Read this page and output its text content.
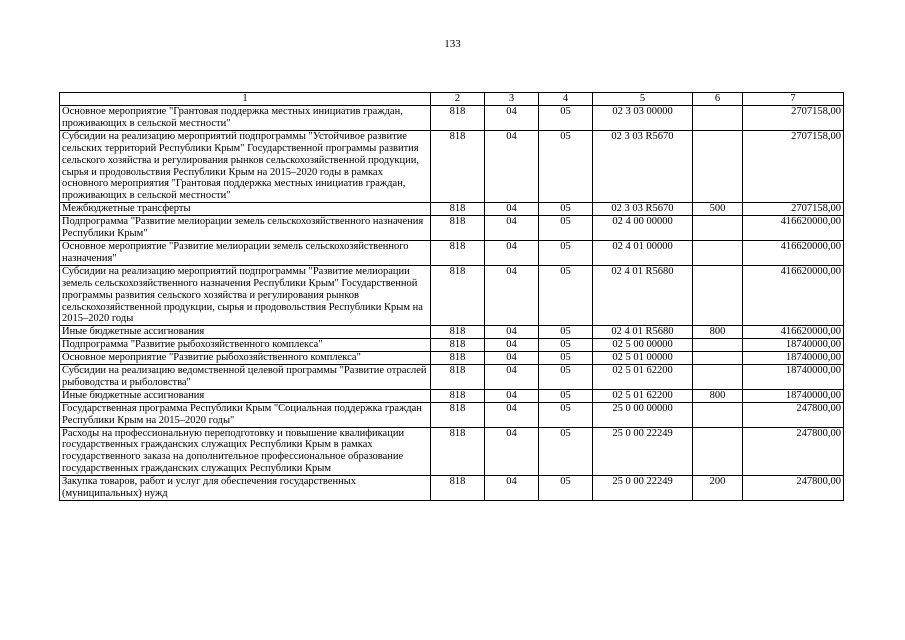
133
1	2	3	4	5	6	7
Основное мероприятие "Грантовая поддержка местных инициатив граждан, проживающих в сельской местности"	818	04	05	02 3 03 00000		2707158,00
Субсидии на реализацию мероприятий подпрограммы "Устойчивое развитие сельских территорий Республики Крым" Государственной программы развития сельского хозяйства и регулирования рынков сельскохозяйственной продукции, сырья и продовольствия Республики Крым на 2015–2020 годы в рамках основного мероприятия "Грантовая поддержка местных инициатив граждан, проживающих в сельской местности"	818	04	05	02 3 03 R5670		2707158,00
Межбюджетные трансферты	818	04	05	02 3 03 R5670	500	2707158,00
Подпрограмма "Развитие мелиорации земель сельскохозяйственного назначения Республики Крым"	818	04	05	02 4 00 00000		416620000,00
Основное мероприятие "Развитие мелиорации земель сельскохозяйственного назначения"	818	04	05	02 4 01 00000		416620000,00
Субсидии на реализацию мероприятий подпрограммы "Развитие мелиорации земель сельскохозяйственного назначения Республики Крым" Государственной программы развития сельского хозяйства и регулирования рынков сельскохозяйственной продукции, сырья и продовольствия Республики Крым на 2015–2020 годы	818	04	05	02 4 01 R5680		416620000,00
Иные бюджетные ассигнования	818	04	05	02 4 01 R5680	800	416620000,00
Подпрограмма "Развитие рыбохозяйственного комплекса"	818	04	05	02 5 00 00000		18740000,00
Основное мероприятие "Развитие рыбохозяйственного комплекса"	818	04	05	02 5 01 00000		18740000,00
Субсидии на реализацию ведомственной целевой программы "Развитие отраслей рыбоводства и рыболовства"	818	04	05	02 5 01 62200		18740000,00
Иные бюджетные ассигнования	818	04	05	02 5 01 62200	800	18740000,00
Государственная программа Республики Крым "Социальная поддержка граждан Республики Крым на 2015–2020 годы"	818	04	05	25 0 00 00000		247800,00
Расходы на профессиональную переподготовку и повышение квалификации государственных гражданских служащих Республики Крым в рамках государственного заказа на дополнительное профессиональное образование государственных гражданских служащих Республики Крым	818	04	05	25 0 00 22249		247800,00
Закупка товаров, работ и услуг для обеспечения государственных (муниципальных) нужд	818	04	05	25 0 00 22249	200	247800,00
